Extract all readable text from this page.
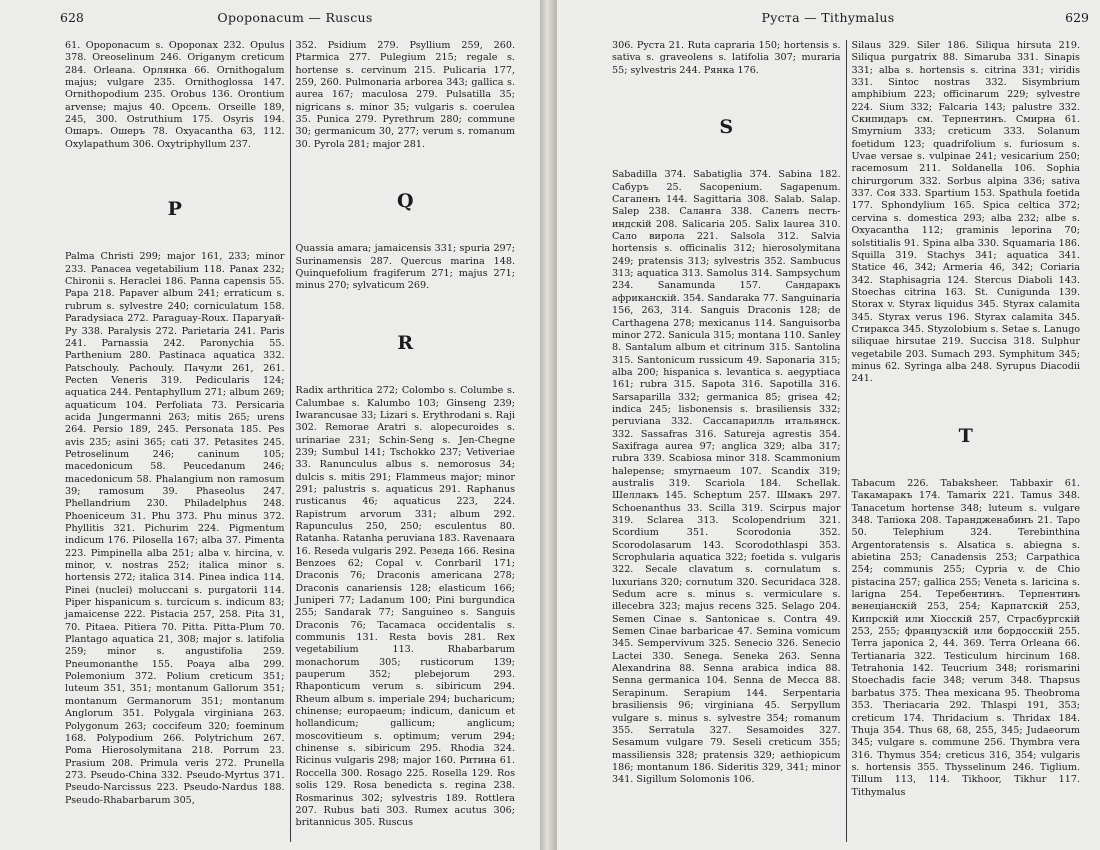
628	Opoponacum — Ruscus

61. Opoponacum s. Opoponax 232. Opulus 378. Oreoselinum 246. Origanym creticum 284. Orleana. Орлянка 66. Ornithogalum majus; vulgare 235. Ornithoglossa 147. Ornithopodium 235. Orobus 136. Orontium arvense; majus 40. Opсель. Orseille 189, 245, 300. Ostruthium 175. Osyris 194. Ошаръ. Ошеръ 78. Oxyacantha 63, 112. Oxylapathum 306. Oxytriphyllum 237.

P

Palma Christi 299; major 161, 233; minor 233. Panacea vegetabilium 118. Panax 232; Chironii s. Heraclei 186. Panna capensis 55. Papa 218. Papaver album 241; erraticum s. rubrum s. sylvestre 240; corniculatum 158. Paradysiaca 272. Paraguay-Roux. Парагуай-Ру 338. Paralysis 272. Parietaria 241. Paris 241. Parnassia 242. Paronychia 55. Parthenium 280. Pastinaca aquatica 332. Patschouly. Pachouly. Пачули 261, 261. Pecten Veneris 319. Pedicularis 124; aquatica 244. Pentaphyllum 271; album 269; aquaticum 104. Perfoliata 73. Persicaria acida Jungermanni 263; mitis 265; urens 264. Persio 189, 245. Personata 185. Pes avis 235; asini 365; cati 37. Petasites 245. Petroselinum 246; caninum 105; macedonicum 58. Peucedanum 246; macedonicum 58. Phalangium non ramosum 39; ramosum 39. Phaseolus 247. Phellandrium 230. Philadelphus 248. Phoeniceum 31. Phu 373. Phu minus 372. Phyllitis 321. Pichurim 224. Pigmentum indicum 176. Pilosella 167; alba 37. Pimenta 223. Pimpinella alba 251; alba v. hircina, v. minor, v. nostras 252; italica minor s. hortensis 272; italica 314. Pinea indica 114. Pinei (nuclei) moluccani s. purgatorii 114. Piper hispanicum s. turcicum s. indicum 83; jamaicense 222. Pistacia 257, 258. Pita 31, 70. Pitaea. Pitiera 70. Pitta. Pitta-Plum 70. Plantago aquatica 21, 308; major s. latifolia 259; minor s. angustifolia 259. Pneumonanthe 155. Poaya alba 299. Polemonium 372. Polium creticum 351; luteum 351, 351; montanum Gallorum 351; montanum Germanorum 351; montanum Anglorum 351. Polygala virginiana 263. Polygonum 263; coccifeum 320; foeminum 168. Polypodium 266. Polytrichum 267. Poma Hierosolymitana 218. Porrum 23. Prasium 208. Primula veris 272. Prunella 273. Pseudo-China 332. Pseudo-Myrtus 371. Pseudo-Narcissus 223. Pseudo-Nardus 188. Pseudo-Rhabarbarum 305,

352. Psidium 279. Psyllium 259, 260. Ptarmica 277. Pulegium 215; regale s. hortense s. cervinum 215. Pulicaria 177, 259, 260. Pulmonaria arborea 343; gallica s. aurea 167; maculosa 279. Pulsatilla 35; nigricans s. minor 35; vulgaris s. coerulea 35. Punica 279. Pyrethrum 280; commune 30; germanicum 30, 277; verum s. romanum 30. Pyrola 281; major 281.

Q

Quassia amara; jamaicensis 331; spuria 297; Surinamensis 287. Quercus marina 148. Quinquefolium fragiferum 271; majus 271; minus 270; sylvaticum 269.

R

Radix arthritica 272; Colombo s. Columbe s. Calumbae s. Kalumbo 103; Ginseng 239; Iwarancusae 33; Lizari s. Erythrodani s. Raji 302. Remorae Aratri s. alopecuroides s. urinariae 231; Schin-Seng s. Jen-Chegne 239; Sumbul 141; Tschokko 237; Vetiveriae 33. Ranunculus albus s. nemorosus 34; dulcis s. mitis 291; Flammeus major; minor 291; palustris s. aquaticus 291. Raphanus rusticanus 46; aquaticus 223, 224. Rapistrum arvorum 331; album 292. Rapunculus 250, 250; esculentus 80. Ratanha. Ratanha peruviana 183. Ravenaara 16. Reseda vulgaris 292. Резеда 166. Resina Benzoes 62; Copal v. Conrbaril 171; Draconis 76; Draconis americana 278; Draconis canariensis 128; elasticum 166; Juniperi 77; Ladanum 100; Pini burgundica 255; Sandarak 77; Sanguineo s. Sanguis Draconis 76; Tacamaca occidentalis s. communis 131. Resta bovis 281. Rex vegetabilium 113. Rhabarbarum monachorum 305; rusticorum 139; pauperum 352; plebejorum 293. Rhaponticum verum s. sibiricum 294. Rheum album s. imperiale 294; bucharicum; chinense; europaeum; indicum, danicum et hollandicum; gallicum; anglicum; moscovitieum s. optimum; verum 294; chinense s. sibiricum 295. Rhodia 324. Ricinus vulgaris 298; major 160. Ритина 61. Roccella 300. Rosago 225. Rosella 129. Ros solis 129. Rosa benedicta s. regina 238. Rosmarinus 302; sylvestris 189. Rottlera 207. Rubus bati 303. Rumex acutus 306; britannicus 305. Ruscus

Pycта — Tithymalus	629

306. Pycта 21. Ruta capraria 150; hortensis s. sativa s. graveolens s. latifolia 307; muraria 55; sylvestris 244. Рянка 176.

S

Sabadilla 374. Sabatiglia 374. Sabina 182. Сабуръ 25. Sacopenium. Sagapenum. Сагапенъ 144. Sagittaria 308. Salab. Salap. Salep 238. Саланга 338. Салепъ пестъ-индскій 208. Salicaria 205. Salix laurea 310. Сало вирола 221. Salsola 312. Salvia hortensis s. officinalis 312; hierosolymitana 249; pratensis 313; sylvestris 352. Sambucus 313; aquatica 313. Samolus 314. Sampsychum 234. Sanamunda 157. Сандаракъ африканскій. 354. Sandaraka 77. Sanguinaria 156, 263, 314. Sanguis Draconis 128; de Carthagena 278; mexicanus 114. Sanguisorba minor 272. Sanicula 315; montana 110. Sanley 8. Santalum album et citrinum 315. Santolina 315. Santonicum russicum 49. Saponaria 315; alba 200; hispanica s. levantica s. aegyptiaca 161; rubra 315. Sapota 316. Sapotilla 316. Sarsaparilla 332; germanica 85; grisea 42; indica 245; lisbonensis s. brasiliensis 332; peruviana 332. Caccaпарилль итальянск. 332. Sassafras 316. Satureja agrestis 354. Saxifraga aurea 97; anglica 329; alba 317; rubra 339. Scabiosa minor 318. Scammonium halepense; smyrnaeum 107. Scandix 319; australis 319. Scariola 184. Schellak. Шеллакъ 145. Scheptum 257. Шмакъ 297. Schoenanthus 33. Scilla 319. Scirpus major 319. Sclarea 313. Scolopendrium 321. Scordium 351. Scorodonia 352. Scorodolasarum 143. Scorodothlaspi 353. Scrophularia aquatica 322; foetida s. vulgaris 322. Secale clavatum s. cornulatum s. luxurians 320; cornutum 320. Securidaca 328. Sedum acre s. minus s. vermiculare s. illecebra 323; majus recens 325. Selago 204. Semen Cinae s. Santonicae s. Contra 49. Semen Cinae barbaricae 47. Semina vomicum 345. Sempervivum 325. Senecio 326. Senecio Lactei 330. Senega. Seneka 263. Senna Alexandrina 88. Senna arabica indica 88. Senna germanica 104. Senna de Mecca 88. Serapinum. Serapium 144. Serpentaria brasiliensis 96; virginiana 45. Serpyllum vulgare s. minus s. sylvestre 354; romanum 355. Serratula 327. Sesamoides 327. Sesamum vulgare 79. Seseli creticum 355; massiliensis 328; pratensis 329; aethiopicum 186; montanum 186. Sideritis 329, 341; minor 341. Sigillum Solomonis 106.

Silaus 329. Siler 186. Siliqua hirsuta 219. Siliqua purgatrix 88. Simaruba 331. Sinapis 331; alba s. hortensis s. citrina 331; viridis 331. Sintoc nostras 332. Sisymbrium amphibium 223; officinarum 229; sylvestre 224. Sium 332; Falcaria 143; palustre 332. Скипидаръ см. Терпентинъ. Смирна 61. Smyrnium 333; creticum 333. Solanum foetidum 123; quadrifolium s. furiosum s. Uvae versae s. vulpinae 241; vesicarium 250; racemosum 211. Soldanella 106. Sophia chirurgorum 332. Sorbus alpina 336; sativa 337. Соя 333. Spartium 153. Spathula foetida 177. Sphondylium 165. Spica celtica 372; cervina s. domestica 293; alba 232; albe s. Oxyacantha 112; graminis leporina 70; solstitialis 91. Spina alba 330. Squamaria 186. Squilla 319. Stachys 341; aquatica 341. Statice 46, 342; Armeria 46, 342; Coriaria 342. Staphisagria 124. Stercus Diaboli 143. Stoechas citrina 163. St. Cunigunda 139. Storax v. Styrax liquidus 345. Styrax calamita 345. Styrax verus 196. Styrax calamita 345. Стиракса 345. Styzolobium s. Setae s. Lanugo siliquae hirsutae 219. Succisa 318. Sulphur vegetabile 203. Sumach 293. Symphitum 345; minus 62. Syringa alba 248. Syrupus Diacodii 241.

T

Tabacum 226. Tabaksheer. Tabbaxir 61. Такамаракъ 174. Tamarix 221. Tamus 348. Tanacetum hortense 348; luteum s. vulgare 348. Тапіока 208. Тарандженабинъ 21. Tapo 50. Telephium 324. Terebinthina Argentoratensis s. Alsatica s. abiegna s. abietina 253; Canadensis 253; Carpathica 254; communis 255; Cypria v. de Chio pistacina 257; gallica 255; Veneta s. laricina s. larigna 254. Теребентинъ. Терпентинъ венеціанскій 253, 254; Карпатскій 253, Кипрскій или Хіосскій 257, Страсбургскій 253, 255; французскій или бордосскій 255. Terra japonica 2, 44. 369. Terra Orleana 66. Tertianaria 322. Testiculum hircinum 168. Tetrahonia 142. Teucrium 348; rorismarini Stoechadis facie 348; verum 348. Thapsus barbatus 375. Thea mexicana 95. Theobroma 353. Theriacaria 292. Thlaspi 191, 353; creticum 174. Thridacium s. Thridax 184. Thuja 354. Thus 68, 68, 255, 345; Judaeorum 345; vulgare s. commune 256. Thymbra vera 316. Thymus 354; creticus 316, 354; vulgaris s. hortensis 355. Thysselinum 246. Tiglium. Tillum 113, 114. Tikhoor, Tikhur 117. Tithymalus
